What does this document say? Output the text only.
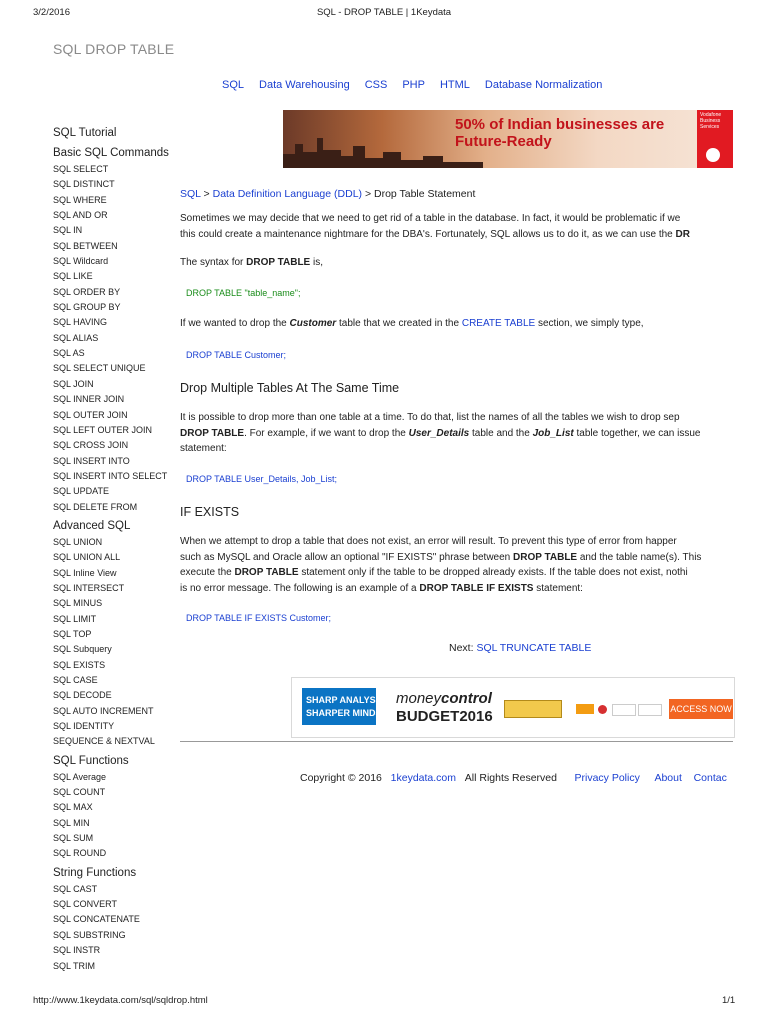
3/2/2016	SQL - DROP TABLE | 1Keydata
SQL DROP TABLE
SQL Data Warehousing CSS PHP HTML Database Normalization
SQL Tutorial
Basic SQL Commands
SQL SELECT
SQL DISTINCT
SQL WHERE
SQL AND OR
SQL IN
SQL BETWEEN
SQL Wildcard
SQL LIKE
SQL ORDER BY
SQL GROUP BY
SQL HAVING
SQL ALIAS
SQL AS
SQL SELECT UNIQUE
SQL JOIN
SQL INNER JOIN
SQL OUTER JOIN
SQL LEFT OUTER JOIN
SQL CROSS JOIN
SQL INSERT INTO
SQL INSERT INTO SELECT
SQL UPDATE
SQL DELETE FROM
Advanced SQL
SQL UNION
SQL UNION ALL
SQL Inline View
SQL INTERSECT
SQL MINUS
SQL LIMIT
SQL TOP
SQL Subquery
SQL EXISTS
SQL CASE
SQL DECODE
SQL AUTO INCREMENT
SQL IDENTITY
SEQUENCE & NEXTVAL
SQL Functions
SQL Average
SQL COUNT
SQL MAX
SQL MIN
SQL SUM
SQL ROUND
String Functions
SQL CAST
SQL CONVERT
SQL CONCATENATE
SQL SUBSTRING
SQL INSTR
SQL TRIM
50% of Indian businesses are
Future-Ready
Vodafone Business Services
SQL > Data Definition Language (DDL) > Drop Table Statement
Sometimes we may decide that we need to get rid of a table in the database. In fact, it would be problematic if we
this could create a maintenance nightmare for the DBA's. Fortunately, SQL allows us to do it, as we can use the DR
The syntax for DROP TABLE is,
DROP TABLE "table_name";
If we wanted to drop the Customer table that we created in the CREATE TABLE section, we simply type,
DROP TABLE Customer;
Drop Multiple Tables At The Same Time
It is possible to drop more than one table at a time. To do that, list the names of all the tables we wish to drop sep
DROP TABLE. For example, if we want to drop the User_Details table and the Job_List table together, we can issue
statement:
DROP TABLE User_Details, Job_List;
IF EXISTS
When we attempt to drop a table that does not exist, an error will result. To prevent this type of error from happer
such as MySQL and Oracle allow an optional "IF EXISTS" phrase between DROP TABLE and the table name(s). This
execute the DROP TABLE statement only if the table to be dropped already exists. If the table does not exist, nothi
is no error message. The following is an example of a DROP TABLE IF EXISTS statement:
DROP TABLE IF EXISTS Customer;
Next: SQL TRUNCATE TABLE
SHARP ANALYSIS.
SHARPER MINDS.
moneycontrol
BUDGET2016	ACCESS NOW
Copyright © 2016 1keydata.com All Rights Reserved Privacy Policy About Contac
http://www.1keydata.com/sql/sqldrop.html	1/1
